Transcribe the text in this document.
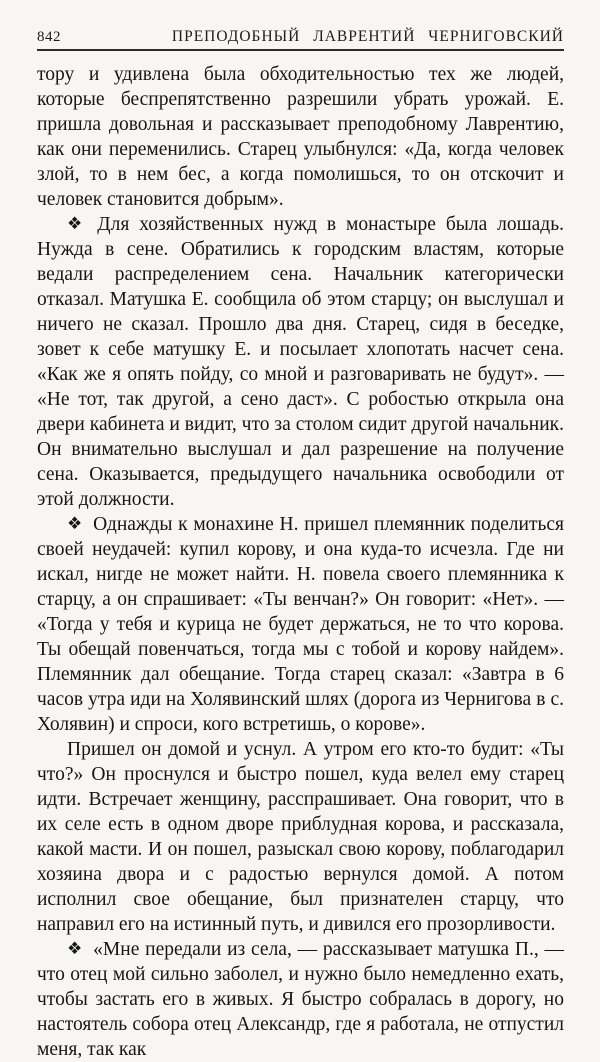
842	ПРЕПОДОБНЫЙ ЛАВРЕНТИЙ ЧЕРНИГОВСКИЙ

тору и удивлена была обходительностью тех же людей, которые беспрепятственно разрешили убрать урожай. Е. пришла довольная и рассказывает преподобному Лаврентию, как они переменились. Старец улыбнулся: «Да, когда человек злой, то в нем бес, а когда помолишься, то он отскочит и человек становится добрым».

❖ Для хозяйственных нужд в монастыре была лошадь. Нужда в сене. Обратились к городским властям, которые ведали распределением сена. Начальник категорически отказал. Матушка Е. сообщила об этом старцу; он выслушал и ничего не сказал. Прошло два дня. Старец, сидя в беседке, зовет к себе матушку Е. и посылает хлопотать насчет сена. «Как же я опять пойду, со мной и разговаривать не будут». — «Не тот, так другой, а сено даст». С робостью открыла она двери кабинета и видит, что за столом сидит другой начальник. Он внимательно выслушал и дал разрешение на получение сена. Оказывается, предыдущего начальника освободили от этой должности.

❖ Однажды к монахине Н. пришел племянник поделиться своей неудачей: купил корову, и она куда-то исчезла. Где ни искал, нигде не может найти. Н. повела своего племянника к старцу, а он спрашивает: «Ты венчан?» Он говорит: «Нет». — «Тогда у тебя и курица не будет держаться, не то что корова. Ты обещай повенчаться, тогда мы с тобой и корову найдем». Племянник дал обещание. Тогда старец сказал: «Завтра в 6 часов утра иди на Холявинский шлях (дорога из Чернигова в с. Холявин) и спроси, кого встретишь, о корове».

Пришел он домой и уснул. А утром его кто-то будит: «Ты что?» Он проснулся и быстро пошел, куда велел ему старец идти. Встречает женщину, расспрашивает. Она говорит, что в их селе есть в одном дворе приблудная корова, и рассказала, какой масти. И он пошел, разыскал свою корову, поблагодарил хозяина двора и с радостью вернулся домой. А потом исполнил свое обещание, был признателен старцу, что направил его на истинный путь, и дивился его прозорливости.

❖ «Мне передали из села, — рассказывает матушка П., — что отец мой сильно заболел, и нужно было немедленно ехать, чтобы застать его в живых. Я быстро собралась в дорогу, но настоятель собора отец Александр, где я работала, не отпустил меня, так как
